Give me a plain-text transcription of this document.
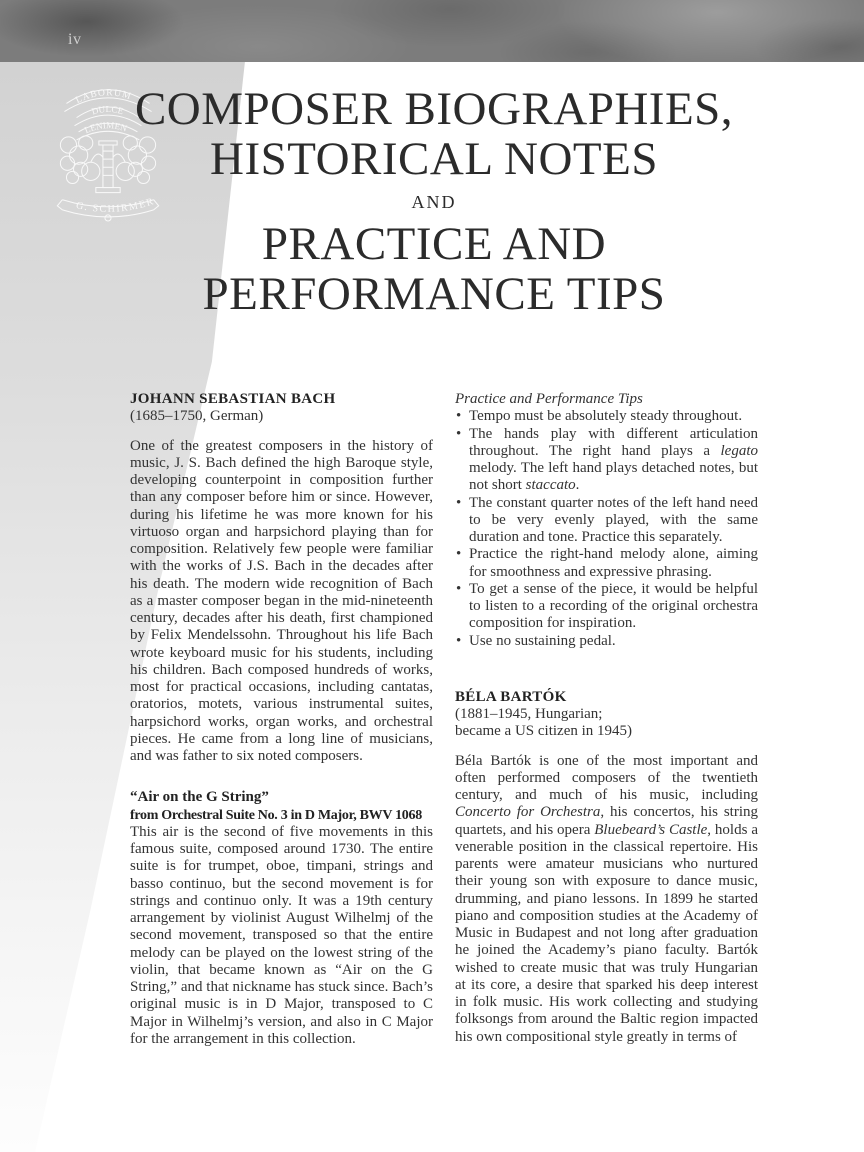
iv
LABORUM
DULCE
LENIMEN
G. SCHIRMER
COMPOSER BIOGRAPHIES,
HISTORICAL NOTES
AND
PRACTICE AND
PERFORMANCE TIPS
JOHANN SEBASTIAN BACH
(1685–1750, German)

One of the greatest composers in the history of music, J. S. Bach defined the high Baroque style, developing counterpoint in composition further than any composer before him or since. However, during his lifetime he was more known for his virtuoso organ and harpsichord playing than for composition. Relatively few people were familiar with the works of J.S. Bach in the decades after his death. The modern wide recognition of Bach as a master composer began in the mid-nineteenth century, decades after his death, first championed by Felix Mendelssohn. Throughout his life Bach wrote keyboard music for his students, including his children. Bach composed hundreds of works, most for practical occasions, including cantatas, oratorios, motets, various instrumental suites, harpsichord works, organ works, and orchestral pieces. He came from a long line of musicians, and was father to six noted composers.

“Air on the G String”
from Orchestral Suite No. 3 in D Major, BWV 1068

This air is the second of five movements in this famous suite, composed around 1730. The entire suite is for trumpet, oboe, timpani, strings and basso continuo, but the second movement is for strings and continuo only. It was a 19th century arrangement by violinist August Wilhelmj of the second movement, transposed so that the entire melody can be played on the lowest string of the violin, that became known as “Air on the G String,” and that nickname has stuck since. Bach’s original music is in D Major, transposed to C Major in Wilhelmj’s version, and also in C Major for the arrangement in this collection.

Practice and Performance Tips
• Tempo must be absolutely steady throughout.
• The hands play with different articulation throughout. The right hand plays a legato melody. The left hand plays detached notes, but not short staccato.
• The constant quarter notes of the left hand need to be very evenly played, with the same duration and tone. Practice this separately.
• Practice the right-hand melody alone, aiming for smoothness and expressive phrasing.
• To get a sense of the piece, it would be helpful to listen to a recording of the original orchestra composition for inspiration.
• Use no sustaining pedal.
BÉLA BARTÓK
(1881–1945, Hungarian;
became a US citizen in 1945)

Béla Bartók is one of the most important and often performed composers of the twentieth century, and much of his music, including Concerto for Orchestra, his concertos, his string quartets, and his opera Bluebeard’s Castle, holds a venerable position in the classical repertoire. His parents were amateur musicians who nurtured their young son with exposure to dance music, drumming, and piano lessons. In 1899 he started piano and composition studies at the Academy of Music in Budapest and not long after graduation he joined the Academy’s piano faculty. Bartók wished to create music that was truly Hungarian at its core, a desire that sparked his deep interest in folk music. His work collecting and studying folksongs from around the Baltic region impacted his own compositional style greatly in terms of
